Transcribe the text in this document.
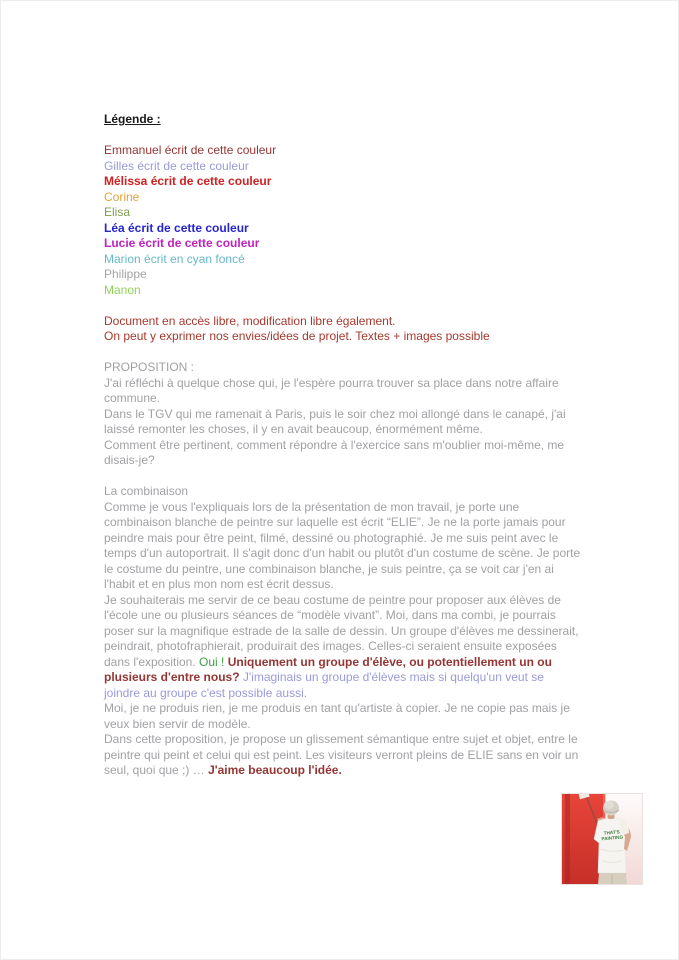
Légende :
Emmanuel écrit de cette couleur
Gilles écrit de cette couleur
Mélissa écrit de cette couleur
Corine
Elisa
Léa écrit de cette couleur
Lucie écrit de cette couleur
Marion écrit en cyan foncé
Philippe
Manon
Document en accès libre, modification libre également.
On peut y exprimer nos envies/idées de projet. Textes + images possible
PROPOSITION :
J'ai réfléchi à quelque chose qui, je l'espère pourra trouver sa place dans notre affaire commune.
Dans le TGV qui me ramenait à Paris, puis le soir chez moi allongé dans le canapé, j'ai laissé remonter les choses, il y en avait beaucoup, énormément même.
Comment être pertinent, comment répondre à l'exercice sans m'oublier moi-même, me disais-je?
La combinaison
Comme je vous l'expliquais lors de la présentation de mon travail, je porte une combinaison blanche de peintre sur laquelle est écrit “ELIE”. Je ne la porte jamais pour peindre mais pour être peint, filmé, dessiné ou photographié. Je me suis peint avec le temps d'un autoportrait. Il s'agit donc d'un habit ou plutôt d'un costume de scène. Je porte le costume du peintre, une combinaison blanche, je suis peintre, ça se voit car j'en ai l'habit et en plus mon nom est écrit dessus.
Je souhaiterais me servir de ce beau costume de peintre pour proposer aux élèves de l'école une ou plusieurs séances de “modèle vivant”. Moi, dans ma combi, je pourrais poser sur la magnifique estrade de la salle de dessin. Un groupe d'élèves me dessinerait, peindrait, photofraphierait, produirait des images. Celles-ci seraient ensuite exposées dans l'exposition. Oui ! Uniquement un groupe d'élève, ou potentiellement un ou plusieurs d'entre nous? J'imaginais un groupe d'élèves mais si quelqu'un veut se joindre au groupe c'est possible aussi.
Moi, je ne produis rien, je me produis en tant qu'artiste à copier. Je ne copie pas mais je veux bien servir de modèle.
Dans cette proposition, je propose un glissement sémantique entre sujet et objet, entre le peintre qui peint et celui qui est peint. Les visiteurs verront pleins de ELIE sans en voir un seul, quoi que ;) … J'aime beaucoup l'idée.
THAT'S
PAINTING
